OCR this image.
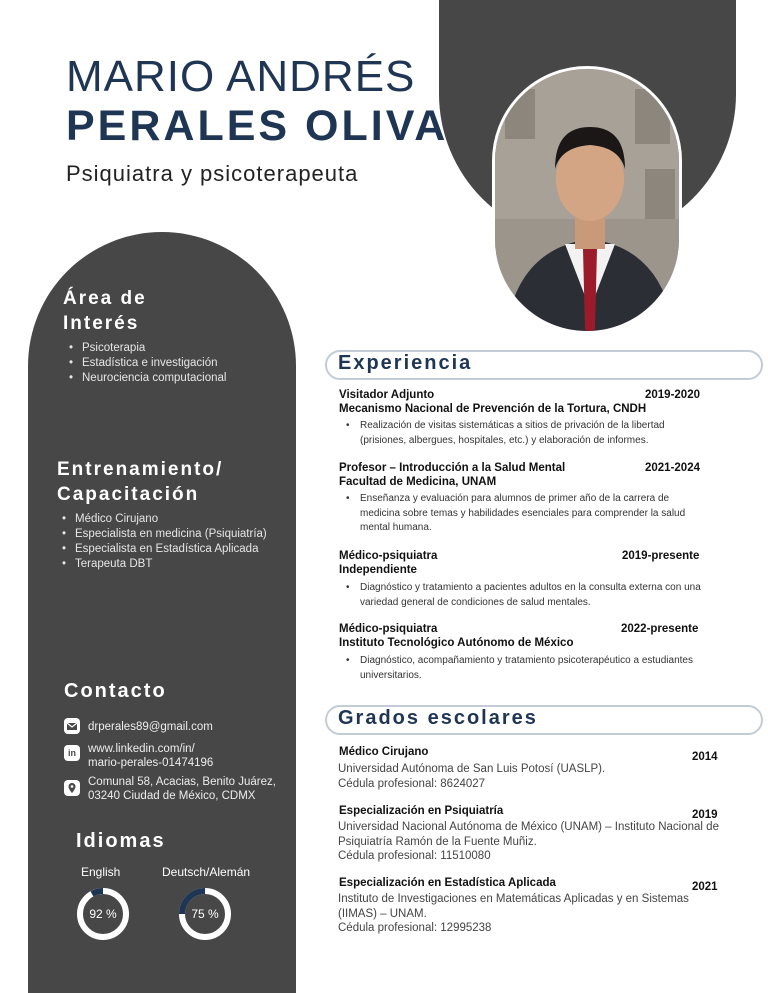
MARIO ANDRÉS
PERALES OLIVA
Psiquiatra y psicoterapeuta
Área de
Interés
• Psicoterapia
• Estadística e investigación
• Neurociencia computacional
Entrenamiento/
Capacitación
• Médico Cirujano
• Especialista en medicina (Psiquiatría)
• Especialista en Estadística Aplicada
• Terapeuta DBT
Contacto
drperales89@gmail.com
in	www.linkedin.com/in/
mario-perales-01474196
Comunal 58, Acacias, Benito Juárez,
03240 Ciudad de México, CDMX
Idiomas
English	Deutsch/Alemán
92 %	75 %
Experiencia
Visitador Adjunto	2019-2020
Mecanismo Nacional de Prevención de la Tortura, CNDH
• Realización de visitas sistemáticas a sitios de privación de la libertad (prisiones, albergues, hospitales, etc.) y elaboración de informes.
Profesor – Introducción a la Salud Mental	2021-2024
Facultad de Medicina, UNAM
• Enseñanza y evaluación para alumnos de primer año de la carrera de medicina sobre temas y habilidades esenciales para comprender la salud mental humana.
Médico-psiquiatra	2019-presente
Independiente
• Diagnóstico y tratamiento a pacientes adultos en la consulta externa con una variedad general de condiciones de salud mentales.
Médico-psiquiatra	2022-presente
Instituto Tecnológico Autónomo de México
• Diagnóstico, acompañamiento y tratamiento psicoterapéutico a estudiantes universitarios.
Grados escolares
Médico Cirujano	2014
Universidad Autónoma de San Luis Potosí (UASLP).
Cédula profesional: 8624027
Especialización en Psiquiatría	2019
Universidad Nacional Autónoma de México (UNAM) – Instituto Nacional de Psiquiatría Ramón de la Fuente Muñiz.
Cédula profesional: 11510080
Especialización en Estadística Aplicada	2021
Instituto de Investigaciones en Matemáticas Aplicadas y en Sistemas (IIMAS) – UNAM.
Cédula profesional: 12995238
